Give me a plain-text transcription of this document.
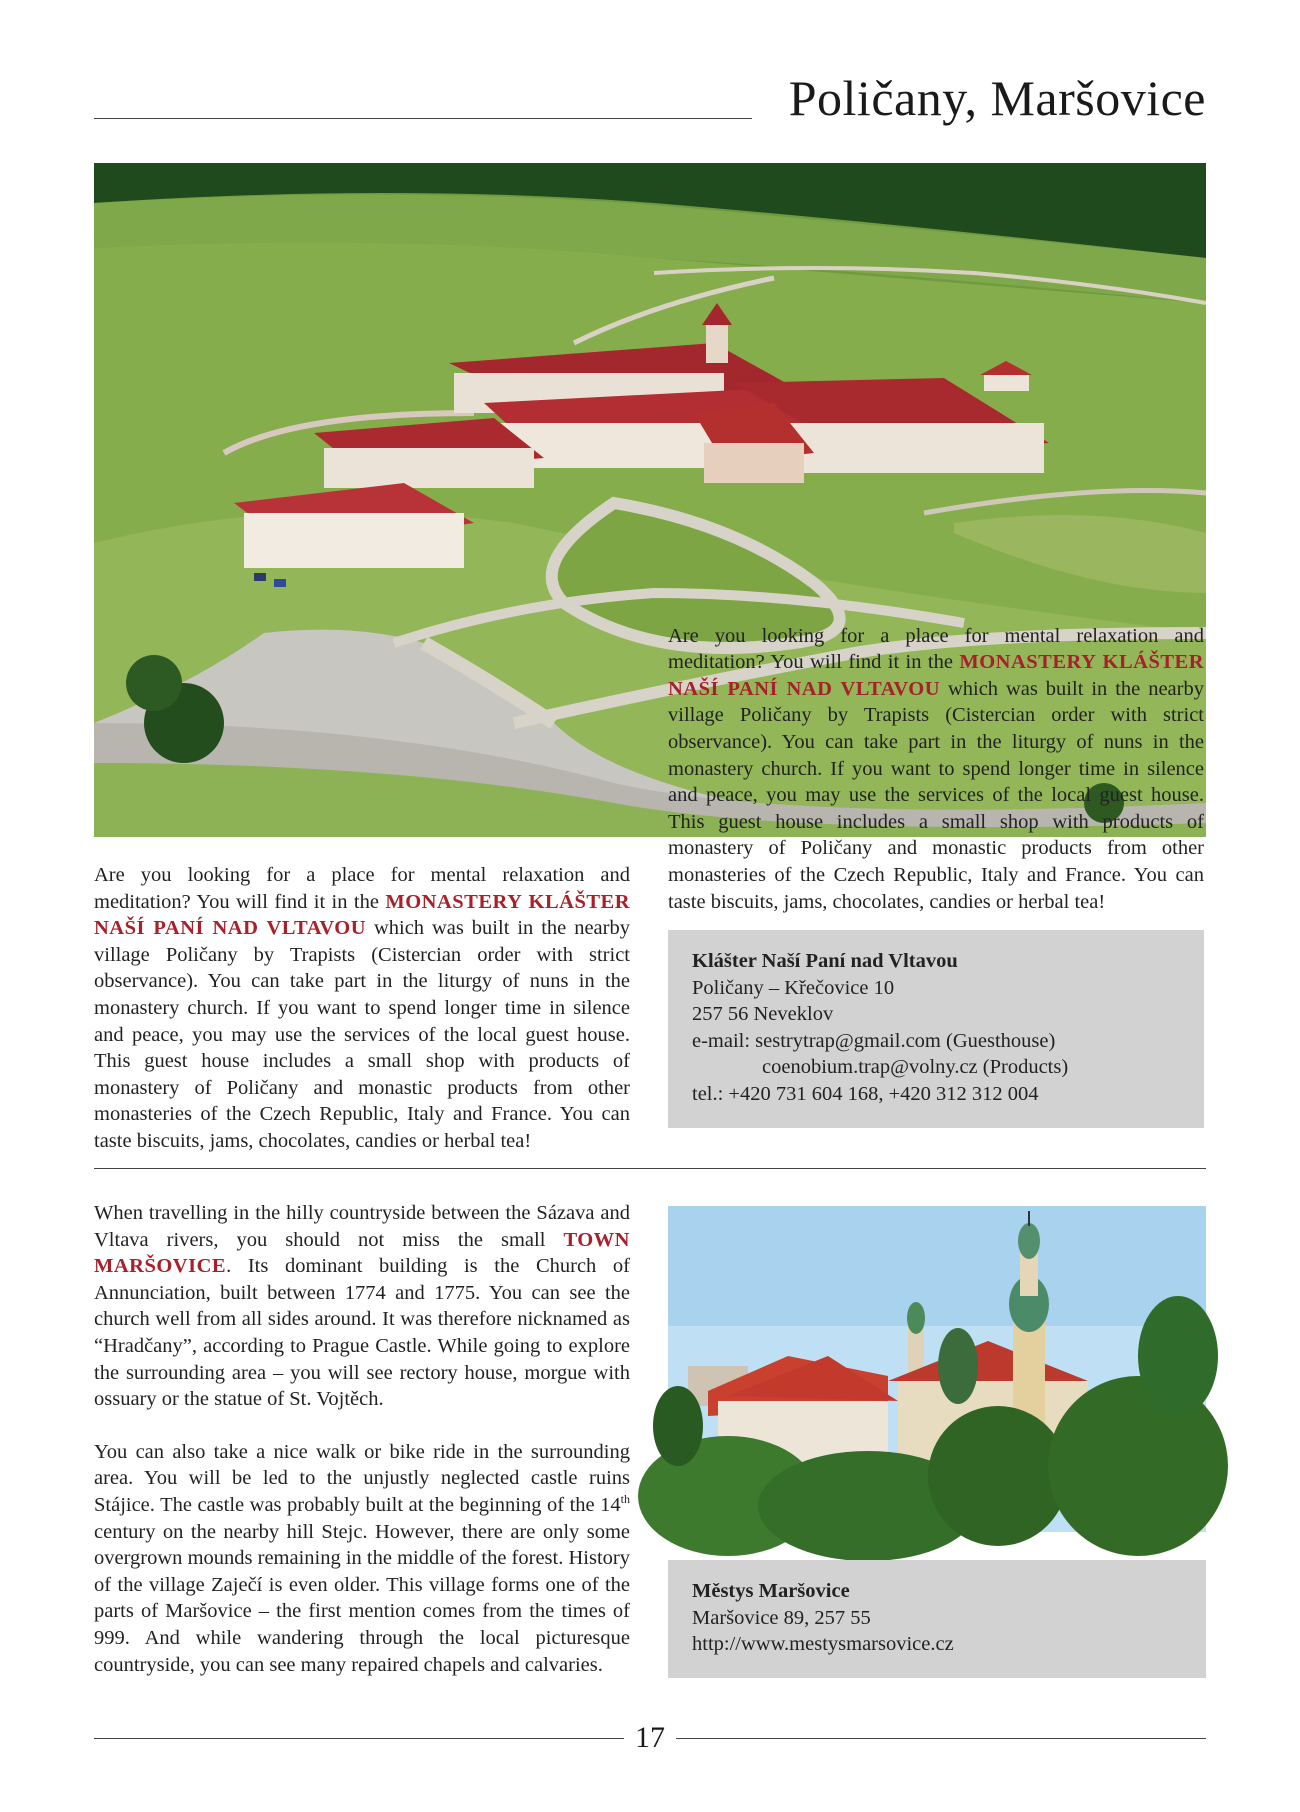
Poličany, Maršovice

Are you looking for a place for mental relaxation and meditation? You will find it in the MONASTERY KLÁŠTER NAŠÍ PANÍ NAD VLTAVOU which was built in the nearby village Poličany by Trapists (Cistercian order with strict observance). You can take part in the liturgy of nuns in the monastery church. If you want to spend longer time in silence and peace, you may use the services of the local guest house. This guest house includes a small shop with products of monastery of Poličany and monastic products from other monasteries of the Czech Republic, Italy and France. You can taste biscuits, jams, chocolates, candies or herbal tea!

Are you looking for a place for mental relaxation and meditation? You will find it in the MONASTERY KLÁŠTER NAŠÍ PANÍ NAD VLTAVOU which was built in the nearby village Poličany by Trapists (Cistercian order with strict observance). You can take part in the liturgy of nuns in the monastery church. If you want to spend longer time in silence and peace, you may use the services of the local guest house. This guest house includes a small shop with products of monastery of Poličany and monastic products from other monasteries of the Czech Republic, Italy and France. You can taste biscuits, jams, chocolates, candies or herbal tea!

Klášter Naší Paní nad Vltavou
Poličany – Křečovice 10
257 56 Neveklov
e-mail: sestrytrap@gmail.com (Guesthouse)
coenobium.trap@volny.cz (Products)
tel.: +420 731 604 168, +420 312 312 004

When travelling in the hilly countryside between the Sázava and Vltava rivers, you should not miss the small TOWN MARŠOVICE. Its dominant building is the Church of Annunciation, built between 1774 and 1775. You can see the church well from all sides around. It was therefore nicknamed as “Hradčany”, according to Prague Castle. While going to explore the surrounding area – you will see rectory house, morgue with ossuary or the statue of St. Vojtěch.

You can also take a nice walk or bike ride in the surrounding area. You will be led to the unjustly neglected castle ruins Stájice. The castle was probably built at the beginning of the 14th century on the nearby hill Stejc. However, there are only some overgrown mounds remaining in the middle of the forest. History of the village Zaječí is even older. This village forms one of the parts of Maršovice – the first mention comes from the times of 999. And while wandering through the local picturesque countryside, you can see many repaired chapels and calvaries.

Městys Maršovice
Maršovice 89, 257 55
http://www.mestysmarsovice.cz
17
